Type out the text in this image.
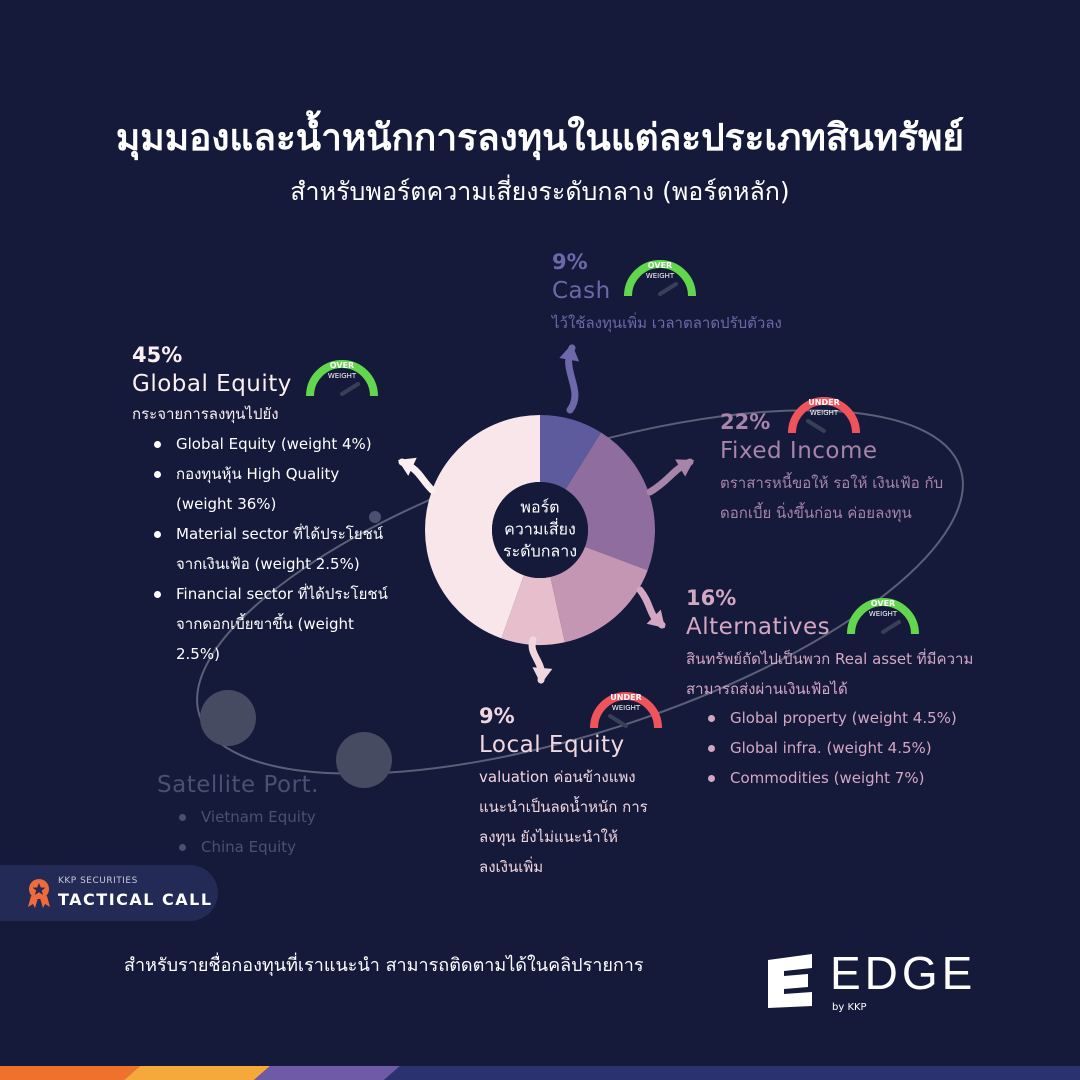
มุมมองและน้ำหนักการลงทุนในแต่ละประเภทสินทรัพย์
สำหรับพอร์ตความเสี่ยงระดับกลาง (พอร์ตหลัก)
พอร์ต
ความเสี่ยง
ระดับกลาง
9%
Cash
ไว้ใช้ลงทุนเพิ่ม เวลาตลาดปรับตัวลง
OVER
WEIGHT
45%
Global Equity
กระจายการลงทุนไปยัง
Global Equity (weight 4%)
กองทุนหุ้น High Quality (weight 36%)
Material sector ที่ได้ประโยชน์จากเงินเฟ้อ (weight 2.5%)
Financial sector ที่ได้ประโยชน์จากดอกเบี้ยขาขึ้น (weight 2.5%)
OVER
WEIGHT
22%
Fixed Income
ตราสารหนี้ขอให้ รอให้ เงินเฟ้อ กับ ดอกเบี้ย นิ่งขึ้นก่อน ค่อยลงทุน
UNDER
WEIGHT
16%
Alternatives
สินทรัพย์ถัดไปเป็นพวก Real asset ที่มีความสามารถส่งผ่านเงินเฟ้อได้
Global property (weight 4.5%)
Global infra. (weight 4.5%)
Commodities (weight 7%)
OVER
WEIGHT
9%
Local Equity
valuation ค่อนข้างแพง แนะนำเป็นลดน้ำหนัก การลงทุน ยังไม่แนะนำให้ ลงเงินเพิ่ม
UNDER
WEIGHT
Satellite Port.
Vietnam Equity
China Equity
KKP SECURITIES
TACTICAL CALL
สำหรับรายชื่อกองทุนที่เราแนะนำ สามารถติดตามได้ในคลิปรายการ	EDGE
by KKP
